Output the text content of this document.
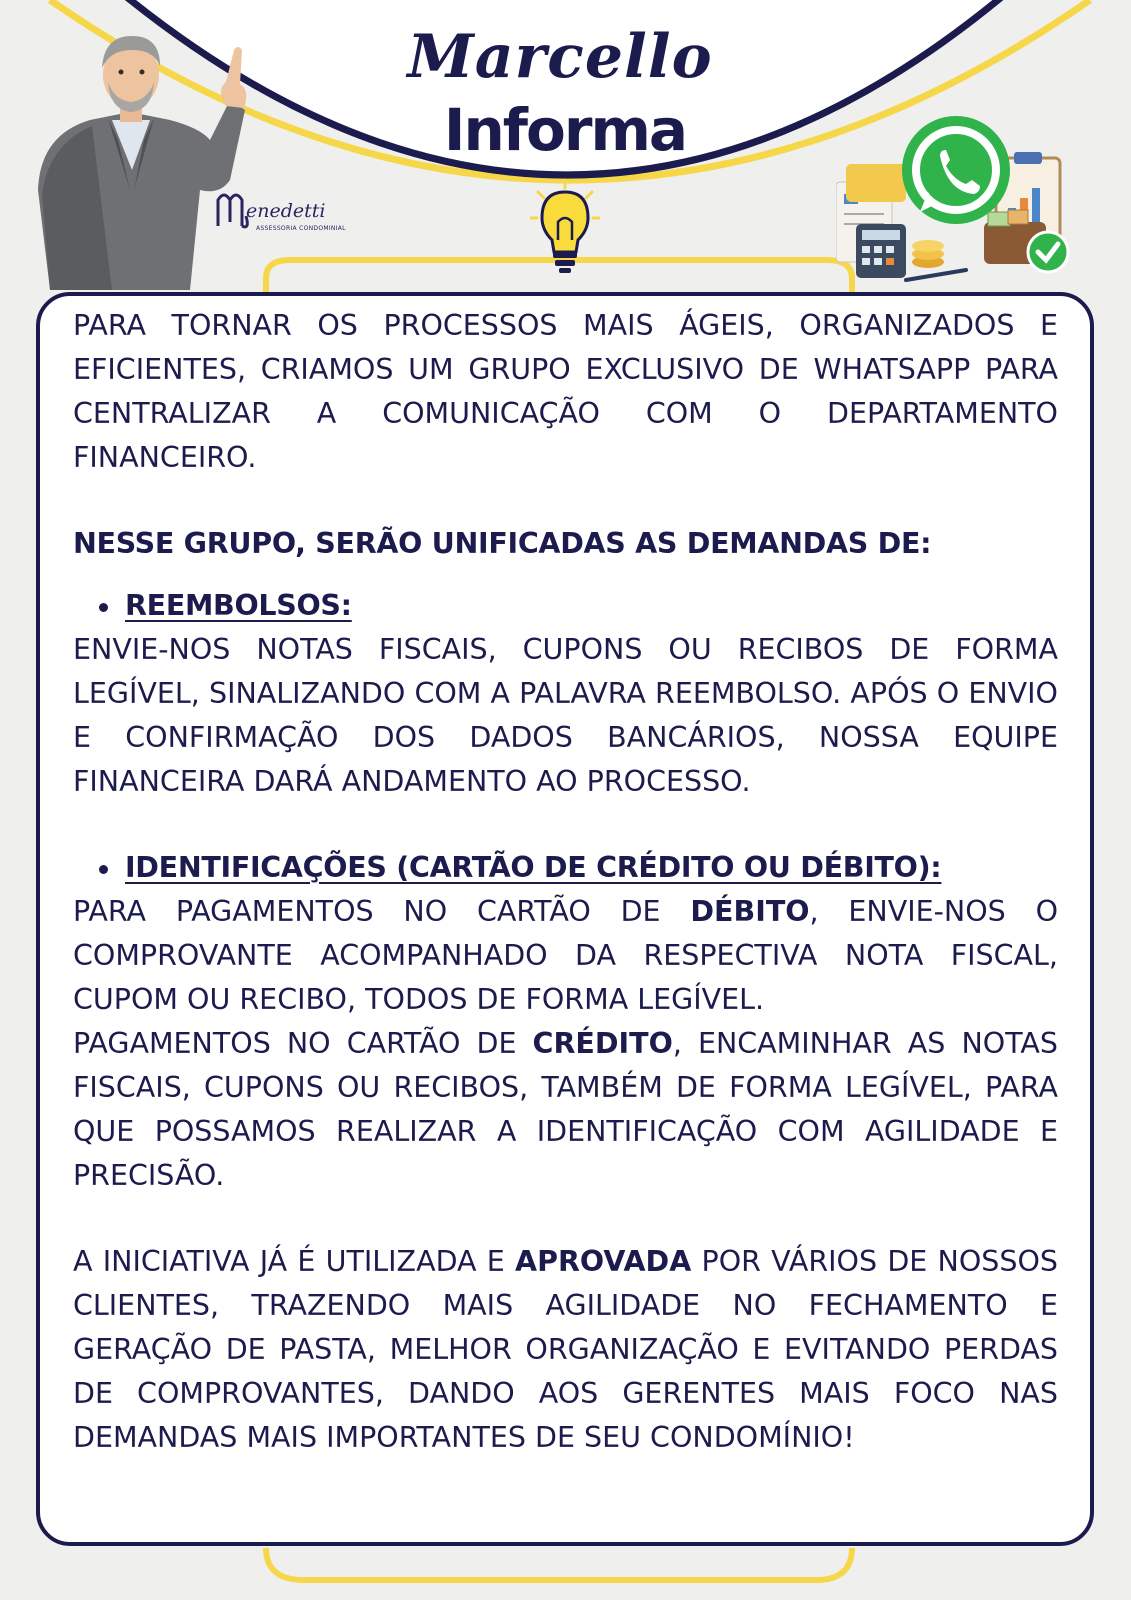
Marcello
Informa
enedetti
ASSESSORIA CONDOMINIAL

PARA TORNAR OS PROCESSOS MAIS ÁGEIS, ORGANIZADOS E EFICIENTES, CRIAMOS UM GRUPO EXCLUSIVO DE WHATSAPP PARA CENTRALIZAR A COMUNICAÇÃO COM O DEPARTAMENTO FINANCEIRO.

NESSE GRUPO, SERÃO UNIFICADAS AS DEMANDAS DE:

REEMBOLSOS:

ENVIE-NOS NOTAS FISCAIS, CUPONS OU RECIBOS DE FORMA LEGÍVEL, SINALIZANDO COM A PALAVRA REEMBOLSO. APÓS O ENVIO E CONFIRMAÇÃO DOS DADOS BANCÁRIOS, NOSSA EQUIPE FINANCEIRA DARÁ ANDAMENTO AO PROCESSO.

IDENTIFICAÇÕES (CARTÃO DE CRÉDITO OU DÉBITO):

PARA PAGAMENTOS NO CARTÃO DE DÉBITO, ENVIE-NOS O COMPROVANTE ACOMPANHADO DA RESPECTIVA NOTA FISCAL, CUPOM OU RECIBO, TODOS DE FORMA LEGÍVEL.

PAGAMENTOS NO CARTÃO DE CRÉDITO, ENCAMINHAR AS NOTAS FISCAIS, CUPONS OU RECIBOS, TAMBÉM DE FORMA LEGÍVEL, PARA QUE POSSAMOS REALIZAR A IDENTIFICAÇÃO COM AGILIDADE E PRECISÃO.

A INICIATIVA JÁ É UTILIZADA E APROVADA POR VÁRIOS DE NOSSOS CLIENTES, TRAZENDO MAIS AGILIDADE NO FECHAMENTO E GERAÇÃO DE PASTA, MELHOR ORGANIZAÇÃO E EVITANDO PERDAS DE COMPROVANTES, DANDO AOS GERENTES MAIS FOCO NAS DEMANDAS MAIS IMPORTANTES DE SEU CONDOMÍNIO!
